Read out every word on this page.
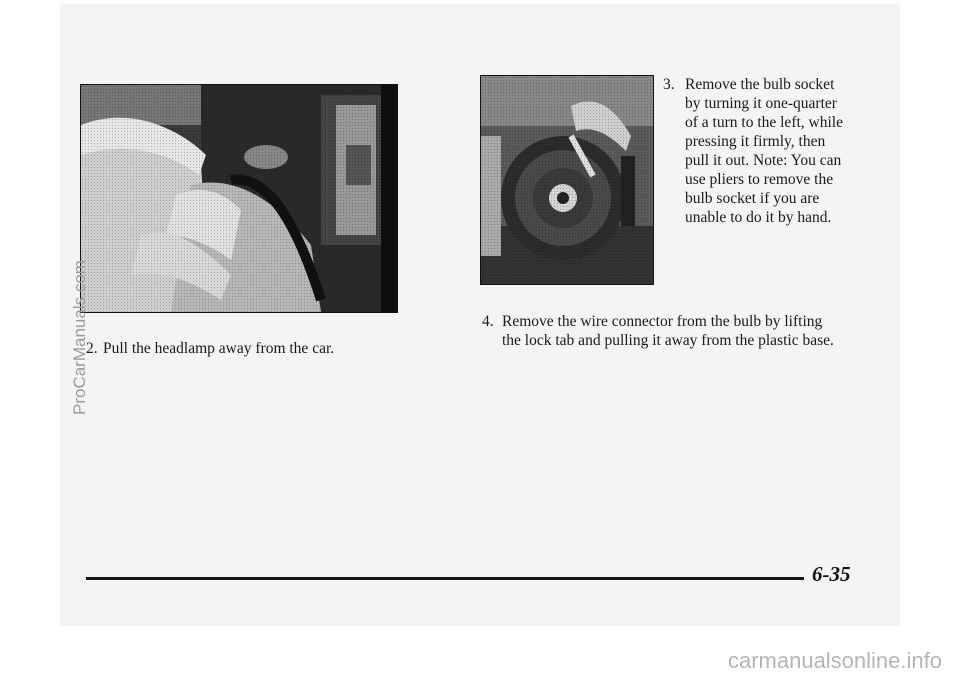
3. Remove the bulb socket by turning it one-quarter of a turn to the left, while pressing it firmly, then pull it out. Note: You can use pliers to remove the bulb socket if you are unable to do it by hand.

4. Remove the wire connector from the bulb by lifting the lock tab and pulling it away from the plastic base.

2. Pull the headlamp away from the car.

6-35
ProCarManuals.com
carmanualsonline.info
